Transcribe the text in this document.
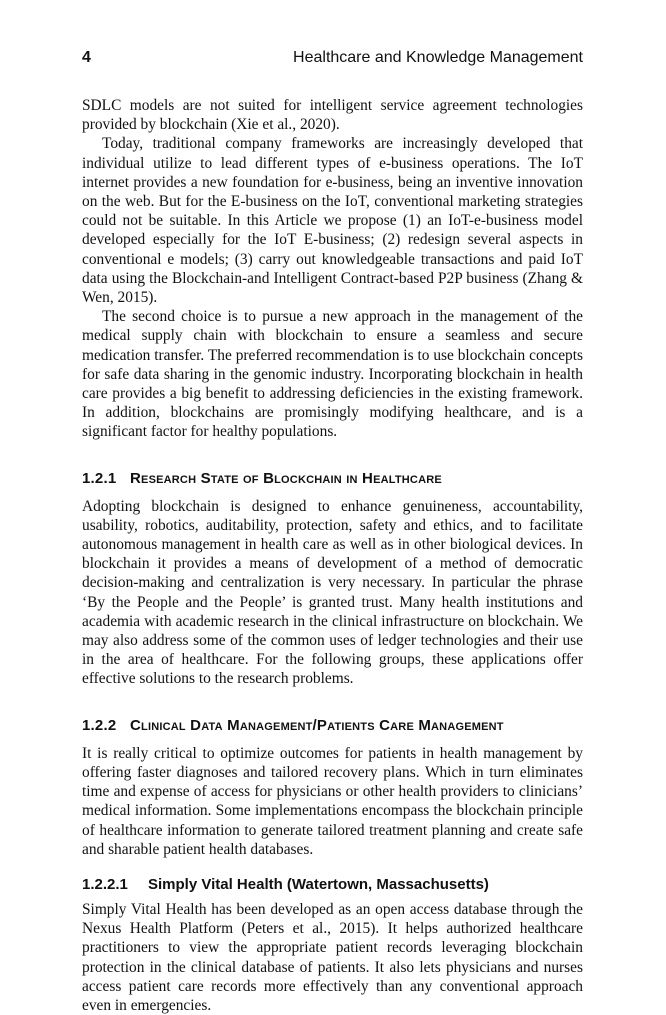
4	Healthcare and Knowledge Management

SDLC models are not suited for intelligent service agreement technologies provided by blockchain (Xie et al., 2020).

Today, traditional company frameworks are increasingly developed that individual utilize to lead different types of e-business operations. The IoT internet provides a new foundation for e-business, being an inventive innovation on the web. But for the E-business on the IoT, conventional marketing strategies could not be suitable. In this Article we propose (1) an IoT-e-business model developed especially for the IoT E-business; (2) redesign several aspects in conventional e models; (3) carry out knowledgeable transactions and paid IoT data using the Blockchain-and Intelligent Contract-based P2P business (Zhang & Wen, 2015).

The second choice is to pursue a new approach in the management of the medical supply chain with blockchain to ensure a seamless and secure medication transfer. The preferred recommendation is to use blockchain concepts for safe data sharing in the genomic industry. Incorporating blockchain in health care provides a big benefit to addressing deficiencies in the existing framework. In addition, blockchains are promisingly modifying healthcare, and is a significant factor for healthy populations.

1.2.1 Research State of Blockchain in Healthcare

Adopting blockchain is designed to enhance genuineness, accountability, usability, robotics, auditability, protection, safety and ethics, and to facilitate autonomous management in health care as well as in other biological devices. In blockchain it provides a means of development of a method of democratic decision-making and centralization is very necessary. In particular the phrase ‘By the People and the People’ is granted trust. Many health institutions and academia with academic research in the clinical infrastructure on blockchain. We may also address some of the common uses of ledger technologies and their use in the area of healthcare. For the following groups, these applications offer effective solutions to the research problems.

1.2.2 Clinical Data Management/Patients Care Management

It is really critical to optimize outcomes for patients in health management by offering faster diagnoses and tailored recovery plans. Which in turn eliminates time and expense of access for physicians or other health providers to clinicians’ medical information. Some implementations encompass the blockchain principle of healthcare information to generate tailored treatment planning and create safe and sharable patient health databases.

1.2.2.1	Simply Vital Health (Watertown, Massachusetts)

Simply Vital Health has been developed as an open access database through the Nexus Health Platform (Peters et al., 2015). It helps authorized healthcare practitioners to view the appropriate patient records leveraging blockchain protection in the clinical database of patients. It also lets physicians and nurses access patient care records more effectively than any conventional approach even in emergencies.
